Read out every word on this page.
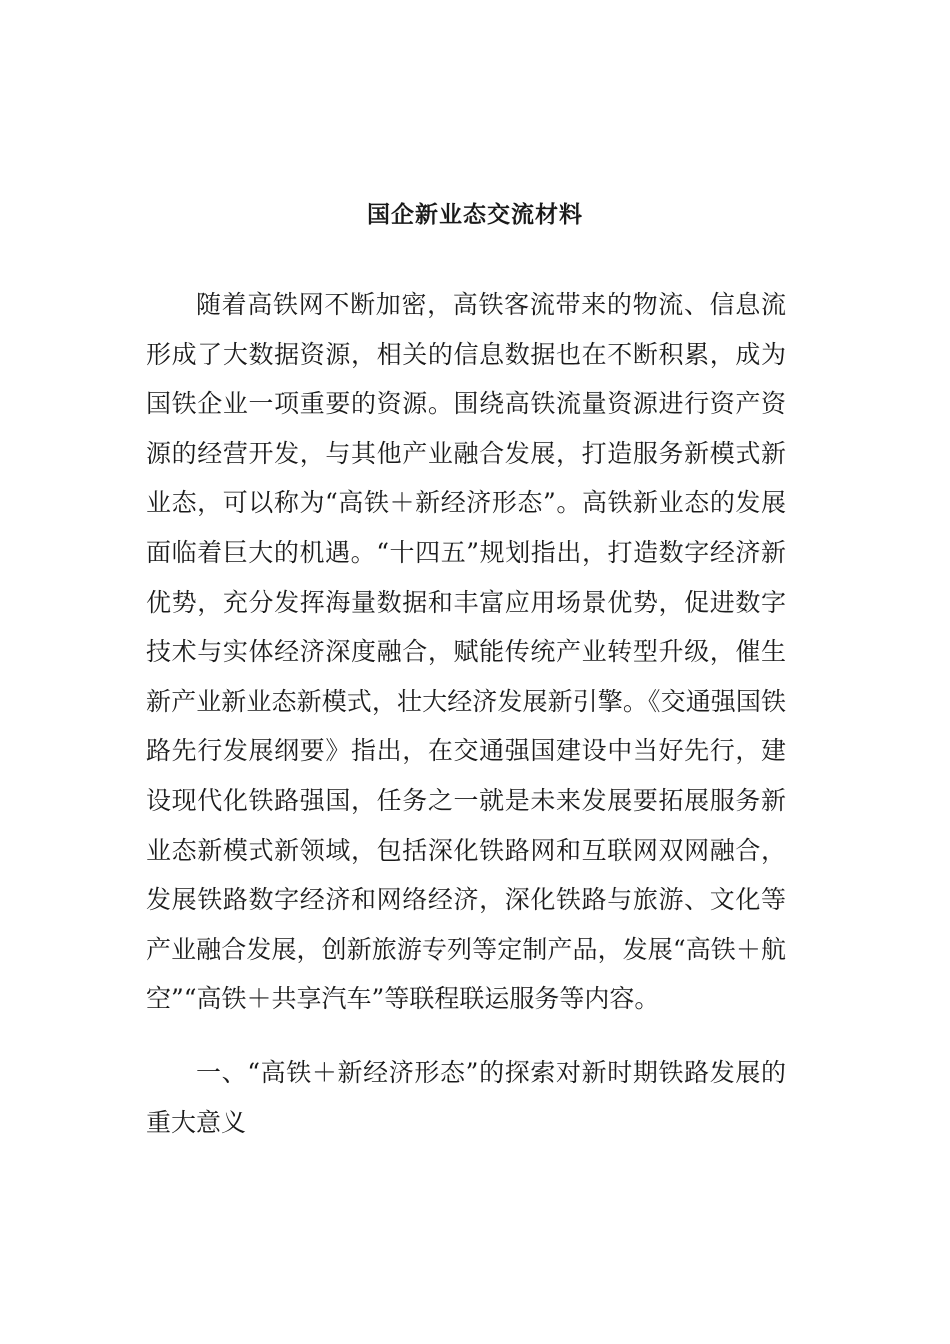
国企新业态交流材料

随着高铁网不断加密，高铁客流带来的物流、信息流形成了大数据资源，相关的信息数据也在不断积累，成为国铁企业一项重要的资源。围绕高铁流量资源进行资产资源的经营开发，与其他产业融合发展，打造服务新模式新业态，可以称为“高铁＋新经济形态”。高铁新业态的发展面临着巨大的机遇。“十四五”规划指出，打造数字经济新优势，充分发挥海量数据和丰富应用场景优势，促进数字技术与实体经济深度融合，赋能传统产业转型升级，催生新产业新业态新模式，壮大经济发展新引擎。《交通强国铁路先行发展纲要》指出，在交通强国建设中当好先行，建设现代化铁路强国，任务之一就是未来发展要拓展服务新业态新模式新领域，包括深化铁路网和互联网双网融合，发展铁路数字经济和网络经济，深化铁路与旅游、文化等产业融合发展，创新旅游专列等定制产品，发展“高铁＋航空”“高铁＋共享汽车”等联程联运服务等内容。

一、“高铁＋新经济形态”的探索对新时期铁路发展的重大意义
